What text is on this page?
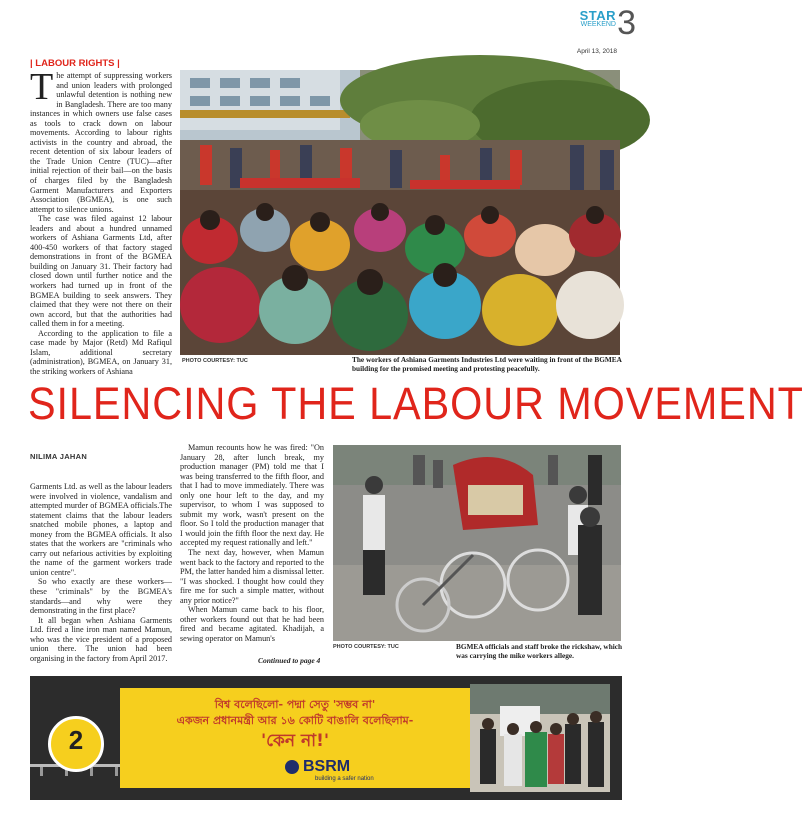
STAR
WEEKEND 3
April 13, 2018
| LABOUR RIGHTS |
T he attempt of suppressing workers and union leaders with prolonged unlawful detention is nothing new in Bangladesh. There are too many instances in which owners use false cases as tools to crack down on labour movements. According to labour rights activists in the country and abroad, the recent detention of six labour leaders of the Trade Union Centre (TUC)—after initial rejection of their bail—on the basis of charges filed by the Bangladesh Garment Manufacturers and Exporters Association (BGMEA), is one such attempt to silence unions.

The case was filed against 12 labour leaders and about a hundred unnamed workers of Ashiana Garments Ltd, after 400-450 workers of that factory staged demonstrations in front of the BGMEA building on January 31. Their factory had closed down until further notice and the workers had turned up in front of the BGMEA building to seek answers. They claimed that they were not there on their own accord, but that the authorities had called them in for a meeting.

According to the application to file a case made by Major (Retd) Md Rafiqul Islam, additional secretary (administration), BGMEA, on January 31, the striking workers of Ashiana

PHOTO COURTESY: TUC	The workers of Ashiana Garments Industries Ltd were waiting in front of the BGMEA building for the promised meeting and protesting peacefully.
SILENCING THE LABOUR MOVEMENT
NILIMA JAHAN

Garments Ltd. as well as the labour leaders were involved in violence, vandalism and attempted murder of BGMEA officials.The statement claims that the labour leaders snatched mobile phones, a laptop and money from the BGMEA officials. It also states that the workers are "criminals who carry out nefarious activities by exploiting the name of the garment workers trade union centre".

So who exactly are these workers—these "criminals" by the BGMEA's standards—and why were they demonstrating in the first place?

It all began when Ashiana Garments Ltd. fired a line iron man named Mamun, who was the vice president of a proposed union there. The union had been organising in the factory from April 2017.

Mamun recounts how he was fired: "On January 28, after lunch break, my production manager (PM) told me that I was being transferred to the fifth floor, and that I had to move immediately. There was only one hour left to the day, and my supervisor, to whom I was supposed to submit my work, wasn't present on the floor. So I told the production manager that I would join the fifth floor the next day. He accepted my request rationally and left."

The next day, however, when Mamun went back to the factory and reported to the PM, the latter handed him a dismissal letter. "I was shocked. I thought how could they fire me for such a simple matter, without any prior notice?"

When Mamun came back to his floor, other workers found out that he had been fired and became agitated. Khadijah, a sewing operator on Mamun's

Continued to page 4
PHOTO COURTESY: TUC	BGMEA officials and staff broke the rickshaw, which was carrying the mike workers allege.
2
বিশ্ব বলেছিলো- পদ্মা সেতু 'সম্ভব না'
একজন প্রধানমন্ত্রী আর ১৬ কোটি বাঙালি বলেছিলাম-
'কেন না!'
BSRM
building a safer nation
